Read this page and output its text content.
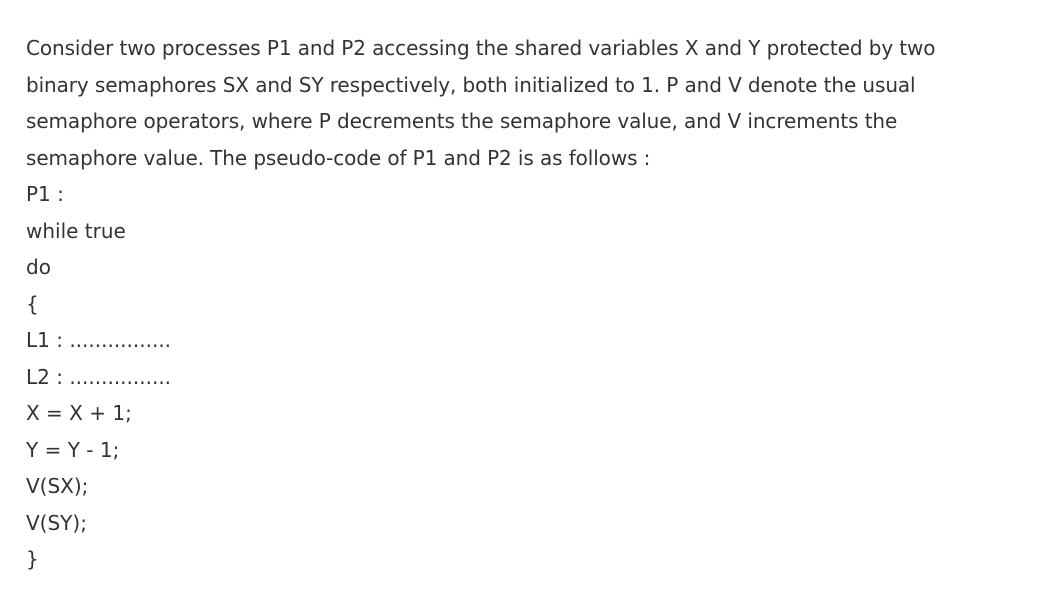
Consider two processes P1 and P2 accessing the shared variables X and Y protected by two
binary semaphores SX and SY respectively, both initialized to 1. P and V denote the usual
semaphore operators, where P decrements the semaphore value, and V increments the
semaphore value. The pseudo-code of P1 and P2 is as follows :

P1 :
while true
do
{
L1 : ................
L2 : ................
X = X + 1;
Y = Y - 1;
V(SX);
V(SY);
}
